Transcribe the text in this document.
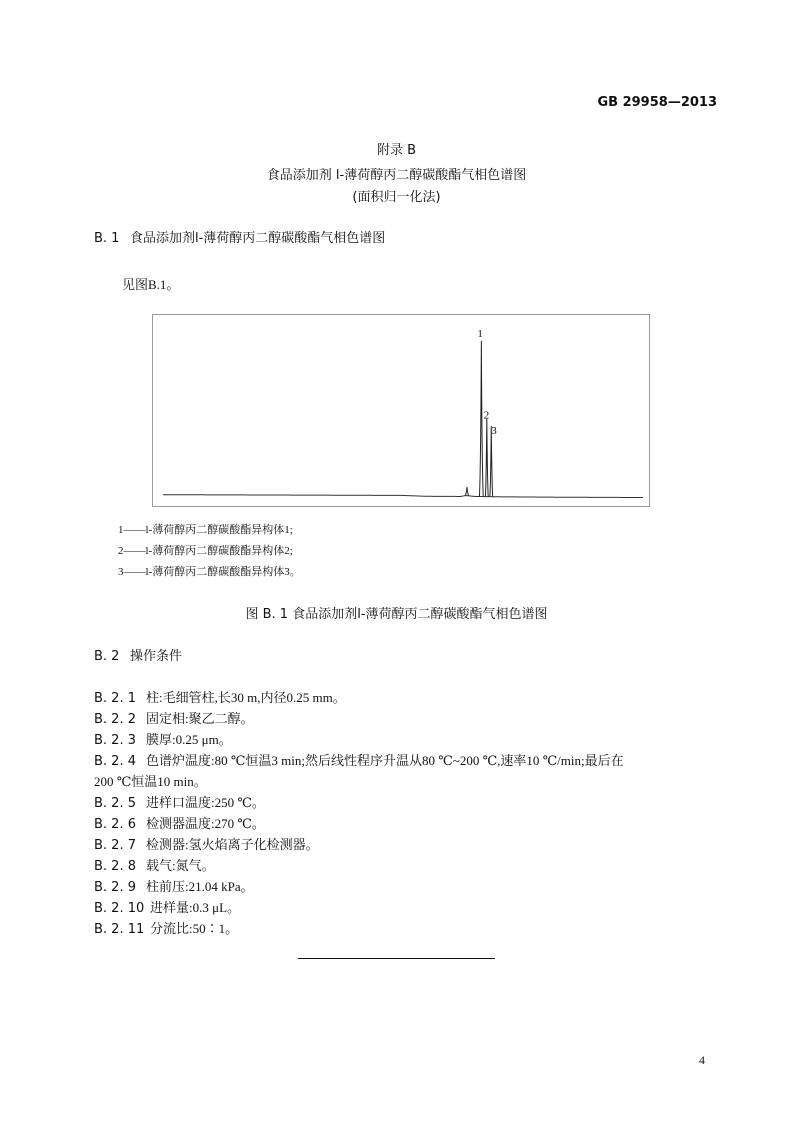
GB 29958—2013
附录 B
食品添加剂 l-薄荷醇丙二醇碳酸酯气相色谱图
(面积归一化法)
B. 1 食品添加剂l-薄荷醇丙二醇碳酸酯气相色谱图
见图B.1。
1
2
3
1——l-薄荷醇丙二醇碳酸酯异构体1;
2——l-薄荷醇丙二醇碳酸酯异构体2;
3——l-薄荷醇丙二醇碳酸酯异构体3。
图 B. 1 食品添加剂l-薄荷醇丙二醇碳酸酯气相色谱图
B. 2 操作条件
B. 2. 1 柱:毛细管柱,长30 m,内径0.25 mm。
B. 2. 2 固定相:聚乙二醇。
B. 2. 3 膜厚:0.25 μm。
B. 2. 4 色谱炉温度:80 ℃恒温3 min;然后线性程序升温从80 ℃~200 ℃,速率10 ℃/min;最后在
200 ℃恒温10 min。
B. 2. 5 进样口温度:250 ℃。
B. 2. 6 检测器温度:270 ℃。
B. 2. 7 检测器:氢火焰离子化检测器。
B. 2. 8 载气:氮气。
B. 2. 9 柱前压:21.04 kPa。
B. 2. 10 进样量:0.3 μL。
B. 2. 11 分流比:50∶1。
4
